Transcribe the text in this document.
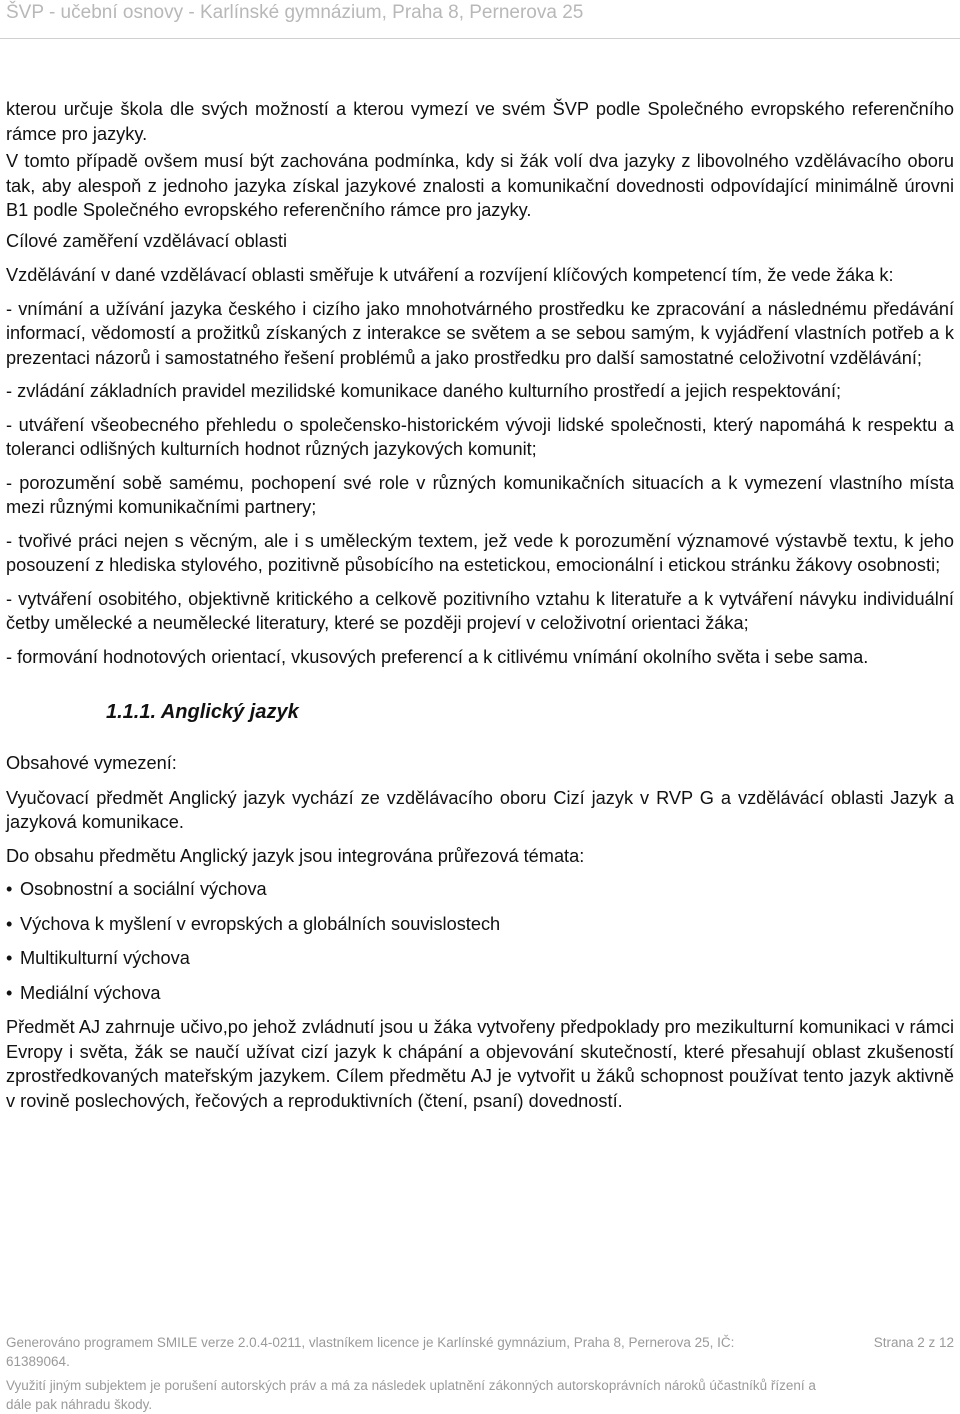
ŠVP - učební osnovy - Karlínské gymnázium, Praha 8, Pernerova 25

kterou určuje škola dle svých možností a kterou vymezí ve svém ŠVP podle Společného evropského referenčního rámce pro jazyky.

V tomto případě ovšem musí být zachována podmínka, kdy si žák volí dva jazyky z libovolného vzdělávacího oboru tak, aby alespoň z jednoho jazyka získal jazykové znalosti a komunikační dovednosti odpovídající minimálně úrovni B1 podle Společného evropského referenčního rámce pro jazyky.

Cílové zaměření vzdělávací oblasti

Vzdělávání v dané vzdělávací oblasti směřuje k utváření a rozvíjení klíčových kompetencí tím, že vede žáka k:

- vnímání a užívání jazyka českého i cizího jako mnohotvárného prostředku ke zpracování a následnému předávání informací, vědomostí a prožitků získaných z interakce se světem a se sebou samým, k vyjádření vlastních potřeb a k prezentaci názorů i samostatného řešení problémů a jako prostředku pro další samostatné celoživotní vzdělávání;

- zvládání základních pravidel mezilidské komunikace daného kulturního prostředí a jejich respektování;

- utváření všeobecného přehledu o společensko-historickém vývoji lidské společnosti, který napomáhá k respektu a toleranci odlišných kulturních hodnot různých jazykových komunit;

- porozumění sobě samému, pochopení své role v různých komunikačních situacích a k vymezení vlastního místa mezi různými komunikačními partnery;

- tvořivé práci nejen s věcným, ale i s uměleckým textem, jež vede k porozumění významové výstavbě textu, k jeho posouzení z hlediska stylového, pozitivně působícího na estetickou, emocionální i etickou stránku žákovy osobnosti;

- vytváření osobitého, objektivně kritického a celkově pozitivního vztahu k literatuře a k vytváření návyku individuální četby umělecké a neumělecké literatury, které se později projeví v celoživotní orientaci žáka;

- formování hodnotových orientací, vkusových preferencí a k citlivému vnímání okolního světa i sebe sama.

1.1.1. Anglický jazyk

Obsahové vymezení:

Vyučovací předmět Anglický jazyk vychází ze vzdělávacího oboru Cizí jazyk v RVP G a vzdělávácí oblasti Jazyk a jazyková komunikace.

Do obsahu předmětu Anglický jazyk jsou integrována průřezová témata:

• Osobnostní a sociální výchova
• Výchova k myšlení v evropských a globálních souvislostech
• Multikulturní výchova
• Mediální výchova

Předmět AJ zahrnuje učivo,po jehož zvládnutí jsou u žáka vytvořeny předpoklady pro mezikulturní komunikaci v rámci Evropy i světa, žák se naučí užívat cizí jazyk k chápání a objevování skutečností, které přesahují oblast zkušeností zprostředkovaných mateřským jazykem. Cílem předmětu AJ je vytvořit u žáků schopnost používat tento jazyk aktivně v rovině poslechových, řečových a reproduktivních (čtení, psaní) dovedností.

Generováno programem SMILE verze 2.0.4-0211, vlastníkem licence je Karlínské gymnázium, Praha 8, Pernerova 25, IČ: 61389064.
Strana 2 z 12
Využití jiným subjektem je porušení autorských práv a má za následek uplatnění zákonných autorskoprávních nároků účastníků řízení a dále pak náhradu škody.
